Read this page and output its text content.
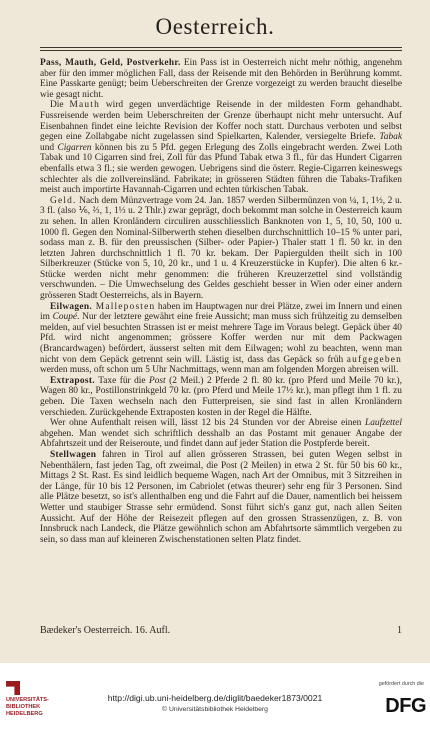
Oesterreich.

Pass, Mauth, Geld, Postverkehr. Ein Pass ist in Oesterreich nicht mehr nöthig, angenehm aber für den immer möglichen Fall, dass der Reisende mit den Behörden in Berührung kommt. Eine Passkarte genügt; beim Ueberschreiten der Grenze vorgezeigt zu werden braucht dieselbe wie gesagt nicht.

Die Mauth wird gegen unverdächtige Reisende in der mildesten Form gehandhabt. Fussreisende werden beim Ueberschreiten der Grenze überhaupt nicht mehr untersucht. Auf Eisenbahnen findet eine leichte Revision der Koffer noch statt. Durchaus verboten und selbst gegen eine Zollabgabe nicht zugelassen sind Spielkarten, Kalender, versiegelte Briefe. Tabak und Cigarren können bis zu 5 Pfd. gegen Erlegung des Zolls eingebracht werden. Zwei Loth Tabak und 10 Cigarren sind frei, Zoll für das Pfund Tabak etwa 3 fl., für das Hundert Cigarren ebenfalls etwa 3 fl.; sie werden gewogen. Uebrigens sind die österr. Regie-Cigarren keineswegs schlechter als die zollvereinsländ. Fabrikate; in grösseren Städten führen die Tabaks-Trafiken meist auch importirte Havannah-Cigarren und echten türkischen Tabak.

Geld. Nach dem Münzvertrage vom 24. Jan. 1857 werden Silbermünzen von ¼, 1, 1½, 2 u. 3 fl. (also ⅙, ⅔, 1, 1⅓ u. 2 Thlr.) zwar geprägt, doch bekommt man solche in Oesterreich kaum zu sehen. In allen Kronländern circuliren ausschliesslich Banknoten von 1, 5, 10, 50, 100 u. 1000 fl. Gegen den Nominal-Silberwerth stehen dieselben durchschnittlich 10–15 % unter pari, sodass man z. B. für den preussischen (Silber- oder Papier-) Thaler statt 1 fl. 50 kr. in den letzten Jahren durchschnittlich 1 fl. 70 kr. bekam. Der Papiergulden theilt sich in 100 Silberkreuzer (Stücke von 5, 10, 20 kr., und 1 u. 4 Kreuzerstücke in Kupfer). Die alten 6 kr.-Stücke werden nicht mehr genommen: die früheren Kreuzerzettel sind vollständig verschwunden. – Die Umwechselung des Geldes geschieht besser in Wien oder einer andern grösseren Stadt Oesterreichs, als in Bayern.

Eilwagen. Malleposten haben im Hauptwagen nur drei Plätze, zwei im Innern und einen im Coupé. Nur der letztere gewährt eine freie Aussicht; man muss sich frühzeitig zu demselben melden, auf viel besuchten Strassen ist er meist mehrere Tage im Voraus belegt. Gepäck über 40 Pfd. wird nicht angenommen; grössere Koffer werden nur mit dem Packwagen (Brancardwagen) befördert, äusserst selten mit dem Eilwagen; wohl zu beachten, wenn man nicht von dem Gepäck getrennt sein will. Lästig ist, dass das Gepäck so früh aufgegeben werden muss, oft schon um 5 Uhr Nachmittags, wenn man am folgenden Morgen abreisen will.

Extrapost. Taxe für die Post (2 Meil.) 2 Pferde 2 fl. 80 kr. (pro Pferd und Meile 70 kr.), Wagen 80 kr., Postillonstrinkgeld 70 kr. (pro Pferd und Meile 17½ kr.), man pflegt ihm 1 fl. zu geben. Die Taxen wechseln nach den Futterpreisen, sie sind fast in allen Kronländern verschieden. Zurückgehende Extraposten kosten in der Regel die Hälfte.

Wer ohne Aufenthalt reisen will, lässt 12 bis 24 Stunden vor der Abreise einen Laufzettel abgehen. Man wendet sich schriftlich desshalb an das Postamt mit genauer Angabe der Abfahrtszeit und der Reiseroute, und findet dann auf jeder Station die Postpferde bereit.

Stellwagen fahren in Tirol auf allen grösseren Strassen, bei guten Wegen selbst in Nebenthälern, fast jeden Tag, oft zweimal, die Post (2 Meilen) in etwa 2 St. für 50 bis 60 kr., Mittags 2 St. Rast. Es sind leidlich bequeme Wagen, nach Art der Omnibus, mit 3 Sitzreihen in der Länge, für 10 bis 12 Personen, im Cabriolet (etwas theurer) sehr eng für 3 Personen. Sind alle Plätze besetzt, so ist's allenthalben eng und die Fahrt auf die Dauer, namentlich bei heissem Wetter und staubiger Strasse sehr ermüdend. Sonst führt sich's ganz gut, nach allen Seiten Aussicht. Auf der Höhe der Reisezeit pflegen auf den grossen Strassenzügen, z. B. von Innsbruck nach Landeck, die Plätze gewöhnlich schon am Abfahrtsorte sämmtlich vergeben zu sein, so dass man auf kleineren Zwischenstationen selten Platz findet.

Bædeker's Oesterreich. 16. Aufl.	1
UNIVERSITÄTS-BIBLIOTHEK HEIDELBERG
http://digi.ub.uni-heidelberg.de/diglit/baedeker1873/0021
© Universitätsbibliothek Heidelberg
gefördert durch die
DFG
